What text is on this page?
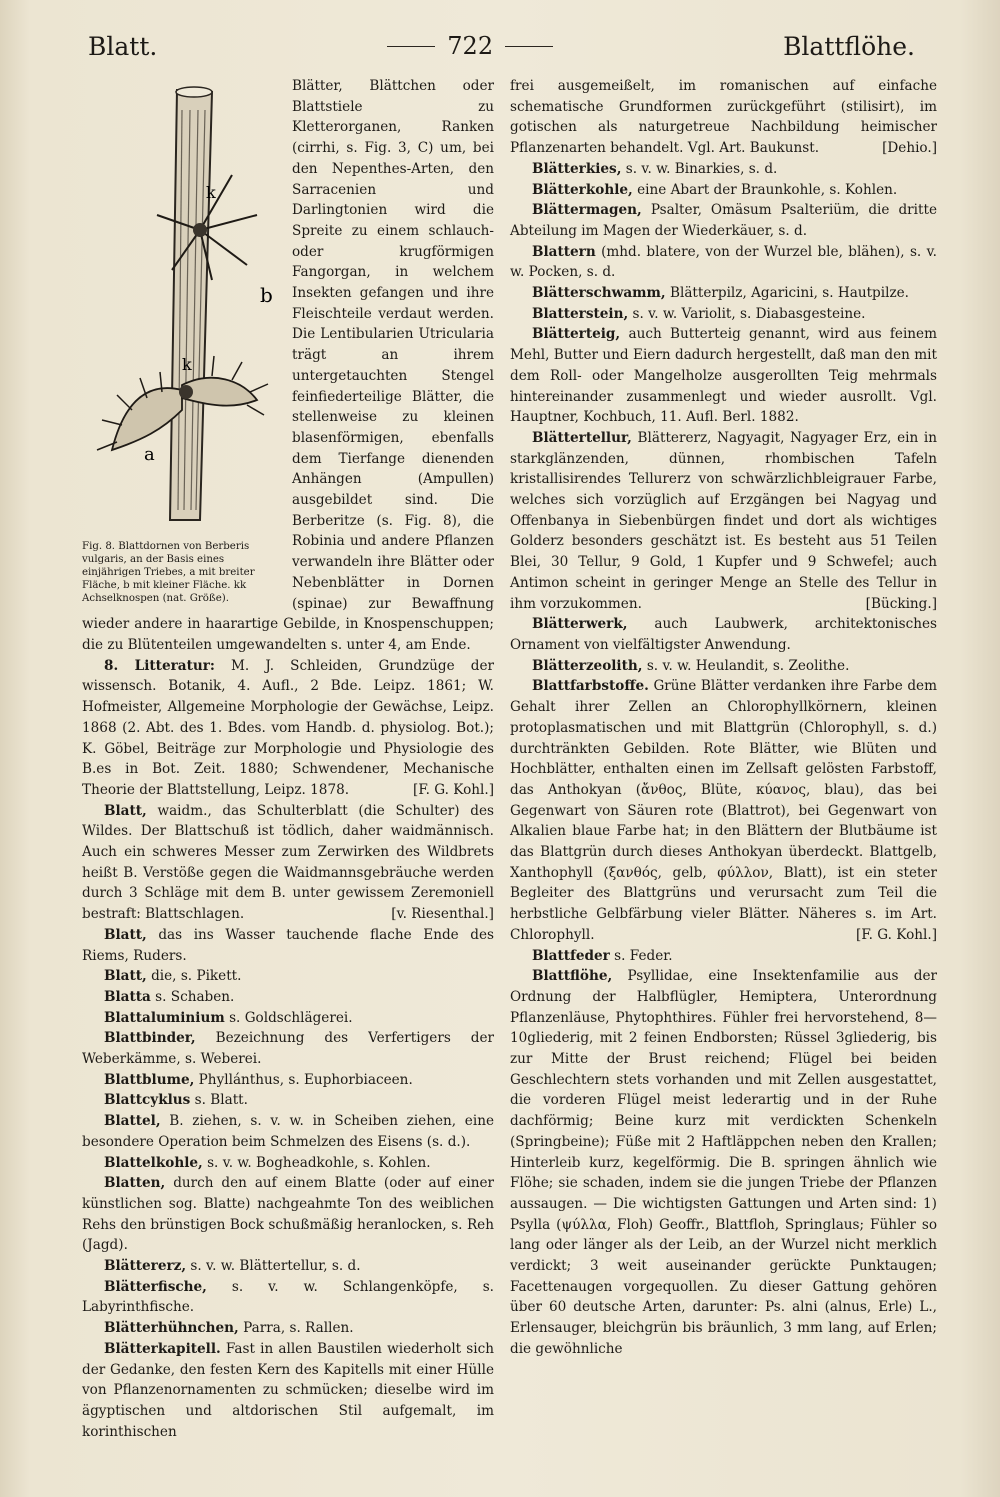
Blatt.	722	Blattflöhe.

k
b
k
a
Fig. 8. Blattdornen von Berberis vulgaris, an der Basis eines einjährigen Triebes, a mit breiter Fläche, b mit kleiner Fläche. kk Achselknospen (nat. Größe).
Blätter, Blättchen oder Blattstiele zu Kletterorganen, Ranken (cirrhi, s. Fig. 3, C) um, bei den Nepenthes-Arten, den Sarracenien und Darlingtonien wird die Spreite zu einem schlauch- oder krugförmigen Fangorgan, in welchem Insekten gefangen und ihre Fleischteile verdaut werden. Die Lentibularien Utricularia trägt an ihrem untergetauchten Stengel feinfiederteilige Blätter, die stellenweise zu kleinen blasenförmigen, ebenfalls dem Tierfange dienenden Anhängen (Ampullen) ausgebildet sind. Die Berberitze (s. Fig. 8), die Robinia und andere Pflanzen verwandeln ihre Blätter oder Nebenblätter in Dornen (spinae) zur Bewaffnung wieder andere in haarartige Gebilde, in Knospenschuppen; die zu Blütenteilen umgewandelten s. unter 4, am Ende.

8. Litteratur: M. J. Schleiden, Grundzüge der wissensch. Botanik, 4. Aufl., 2 Bde. Leipz. 1861; W. Hofmeister, Allgemeine Morphologie der Gewächse, Leipz. 1868 (2. Abt. des 1. Bdes. vom Handb. d. physiolog. Bot.); K. Göbel, Beiträge zur Morphologie und Physiologie des B.es in Bot. Zeit. 1880; Schwendener, Mechanische Theorie der Blattstellung, Leipz. 1878.	[F. G. Kohl.]

Blatt, waidm., das Schulterblatt (die Schulter) des Wildes. Der Blattschuß ist tödlich, daher waidmännisch. Auch ein schweres Messer zum Zerwirken des Wildbrets heißt B. Verstöße gegen die Waidmannsgebräuche werden durch 3 Schläge mit dem B. unter gewissem Zeremoniell bestraft: Blattschlagen.	[v. Riesenthal.]

Blatt, das ins Wasser tauchende flache Ende des Riems, Ruders.

Blatt, die, s. Pikett.

Blatta s. Schaben.

Blattaluminium s. Goldschlägerei.

Blattbinder, Bezeichnung des Verfertigers der Weberkämme, s. Weberei.

Blattblume, Phyllánthus, s. Euphorbiaceen.

Blattcyklus s. Blatt.

Blattel, B. ziehen, s. v. w. in Scheiben ziehen, eine besondere Operation beim Schmelzen des Eisens (s. d.).

Blattelkohle, s. v. w. Bogheadkohle, s. Kohlen.

Blatten, durch den auf einem Blatte (oder auf einer künstlichen sog. Blatte) nachgeahmte Ton des weiblichen Rehs den brünstigen Bock schußmäßig heranlocken, s. Reh (Jagd).

Blättererz, s. v. w. Blättertellur, s. d.

Blätterfische, s. v. w. Schlangenköpfe, s. Labyrinthfische.

Blätterhühnchen, Parra, s. Rallen.

Blätterkapitell. Fast in allen Baustilen wiederholt sich der Gedanke, den festen Kern des Kapitells mit einer Hülle von Pflanzenornamenten zu schmücken; dieselbe wird im ägyptischen und altdorischen Stil aufgemalt, im korinthischen

frei ausgemeißelt, im romanischen auf einfache schematische Grundformen zurückgeführt (stilisirt), im gotischen als naturgetreue Nachbildung heimischer Pflanzenarten behandelt. Vgl. Art. Baukunst.	[Dehio.]

Blätterkies, s. v. w. Binarkies, s. d.

Blätterkohle, eine Abart der Braunkohle, s. Kohlen.

Blättermagen, Psalter, Omäsum Psalteriüm, die dritte Abteilung im Magen der Wiederkäuer, s. d.

Blattern (mhd. blatere, von der Wurzel ble, blähen), s. v. w. Pocken, s. d.

Blätterschwamm, Blätterpilz, Agaricini, s. Hautpilze.

Blatterstein, s. v. w. Variolit, s. Diabasgesteine.

Blätterteig, auch Butterteig genannt, wird aus feinem Mehl, Butter und Eiern dadurch hergestellt, daß man den mit dem Roll- oder Mangelholze ausgerollten Teig mehrmals hintereinander zusammenlegt und wieder ausrollt. Vgl. Hauptner, Kochbuch, 11. Aufl. Berl. 1882.

Blättertellur, Blättererz, Nagyagit, Nagyager Erz, ein in starkglänzenden, dünnen, rhombischen Tafeln kristallisirendes Tellurerz von schwärzlichbleigrauer Farbe, welches sich vorzüglich auf Erzgängen bei Nagyag und Offenbanya in Siebenbürgen findet und dort als wichtiges Golderz besonders geschätzt ist. Es besteht aus 51 Teilen Blei, 30 Tellur, 9 Gold, 1 Kupfer und 9 Schwefel; auch Antimon scheint in geringer Menge an Stelle des Tellur in ihm vorzukommen.	[Bücking.]

Blätterwerk, auch Laubwerk, architektonisches Ornament von vielfältigster Anwendung.

Blätterzeolith, s. v. w. Heulandit, s. Zeolithe.

Blattfarbstoffe. Grüne Blätter verdanken ihre Farbe dem Gehalt ihrer Zellen an Chlorophyllkörnern, kleinen protoplasmatischen und mit Blattgrün (Chlorophyll, s. d.) durchtränkten Gebilden. Rote Blätter, wie Blüten und Hochblätter, enthalten einen im Zellsaft gelösten Farbstoff, das Anthokyan (ἄνθος, Blüte, κύανος, blau), das bei Gegenwart von Säuren rote (Blattrot), bei Gegenwart von Alkalien blaue Farbe hat; in den Blättern der Blutbäume ist das Blattgrün durch dieses Anthokyan überdeckt. Blattgelb, Xanthophyll (ξανθός, gelb, φύλλον, Blatt), ist ein steter Begleiter des Blattgrüns und verursacht zum Teil die herbstliche Gelbfärbung vieler Blätter. Näheres s. im Art. Chlorophyll.	[F. G. Kohl.]

Blattfeder s. Feder.

Blattflöhe, Psyllidae, eine Insektenfamilie aus der Ordnung der Halbflügler, Hemiptera, Unterordnung Pflanzenläuse, Phytophthires. Fühler frei hervorstehend, 8—10gliederig, mit 2 feinen Endborsten; Rüssel 3gliederig, bis zur Mitte der Brust reichend; Flügel bei beiden Geschlechtern stets vorhanden und mit Zellen ausgestattet, die vorderen Flügel meist lederartig und in der Ruhe dachförmig; Beine kurz mit verdickten Schenkeln (Springbeine); Füße mit 2 Haftläppchen neben den Krallen; Hinterleib kurz, kegelförmig. Die B. springen ähnlich wie Flöhe; sie schaden, indem sie die jungen Triebe der Pflanzen aussaugen. — Die wichtigsten Gattungen und Arten sind: 1) Psylla (ψύλλα, Floh) Geoffr., Blattfloh, Springlaus; Fühler so lang oder länger als der Leib, an der Wurzel nicht merklich verdickt; 3 weit auseinander gerückte Punktaugen; Facettenaugen vorgequollen. Zu dieser Gattung gehören über 60 deutsche Arten, darunter: Ps. alni (alnus, Erle) L., Erlensauger, bleichgrün bis bräunlich, 3 mm lang, auf Erlen; die gewöhnliche
